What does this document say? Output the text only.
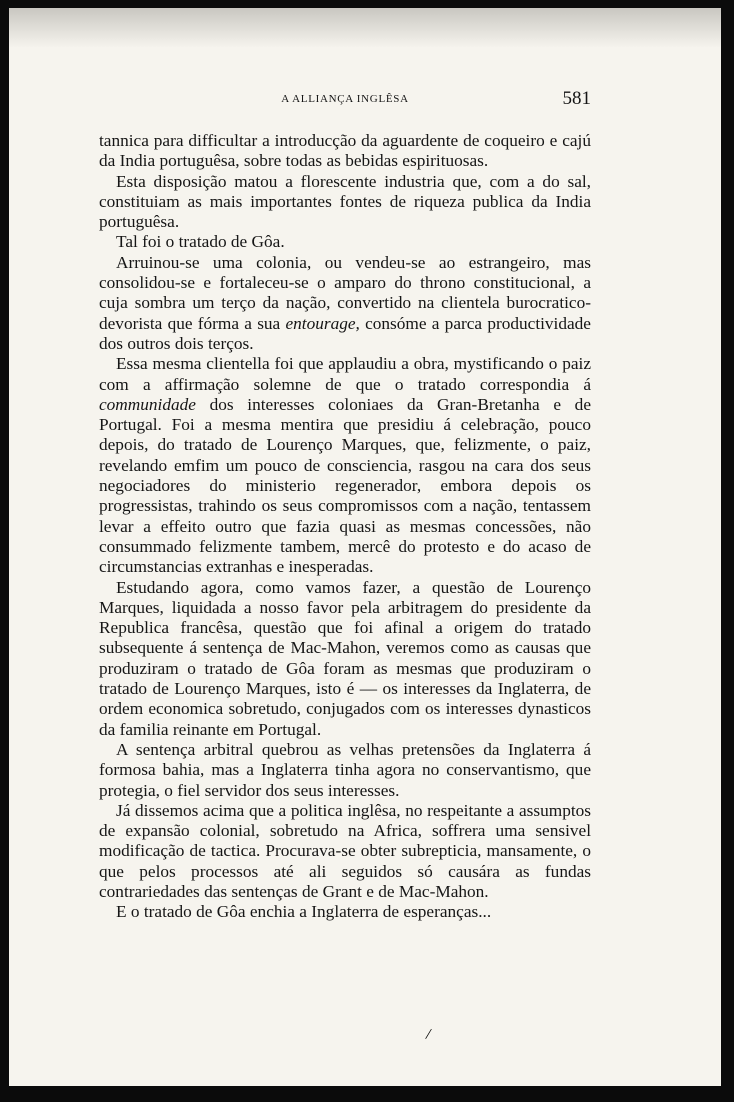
A ALLIANÇA INGLÊSA	581

tannica para difficultar a introducção da aguardente de coqueiro e cajú da India portuguêsa, sobre todas as bebidas espirituosas.

Esta disposição matou a florescente industria que, com a do sal, constituiam as mais importantes fontes de riqueza publica da India portuguêsa.

Tal foi o tratado de Gôa.

Arruinou-se uma colonia, ou vendeu-se ao estrangeiro, mas consolidou-se e fortaleceu-se o amparo do throno constitucional, a cuja sombra um terço da nação, convertido na clientela burocratico-devorista que fórma a sua entourage, consóme a parca productividade dos outros dois terços.

Essa mesma clientella foi que applaudiu a obra, mystificando o paiz com a affirmação solemne de que o tratado correspondia á communidade dos interesses coloniaes da Gran-Bretanha e de Portugal. Foi a mesma mentira que presidiu á celebração, pouco depois, do tratado de Lourenço Marques, que, felizmente, o paiz, revelando emfim um pouco de consciencia, rasgou na cara dos seus negociadores do ministerio regenerador, embora depois os progressistas, trahindo os seus compromissos com a nação, tentassem levar a effeito outro que fazia quasi as mesmas concessões, não consummado felizmente tambem, mercê do protesto e do acaso de circumstancias extranhas e inesperadas.

Estudando agora, como vamos fazer, a questão de Lourenço Marques, liquidada a nosso favor pela arbitragem do presidente da Republica francêsa, questão que foi afinal a origem do tratado subsequente á sentença de Mac-Mahon, veremos como as causas que produziram o tratado de Gôa foram as mesmas que produziram o tratado de Lourenço Marques, isto é — os interesses da Inglaterra, de ordem economica sobretudo, conjugados com os interesses dynasticos da familia reinante em Portugal.

A sentença arbitral quebrou as velhas pretensões da Inglaterra á formosa bahia, mas a Inglaterra tinha agora no conservantismo, que protegia, o fiel servidor dos seus interesses.

Já dissemos acima que a politica inglêsa, no respeitante a assumptos de expansão colonial, sobretudo na Africa, soffrera uma sensivel modificação de tactica. Procurava-se obter subrepticia, mansamente, o que pelos processos até ali seguidos só causára as fundas contrariedades das sentenças de Grant e de Mac-Mahon.

E o tratado de Gôa enchia a Inglaterra de esperanças...

/
